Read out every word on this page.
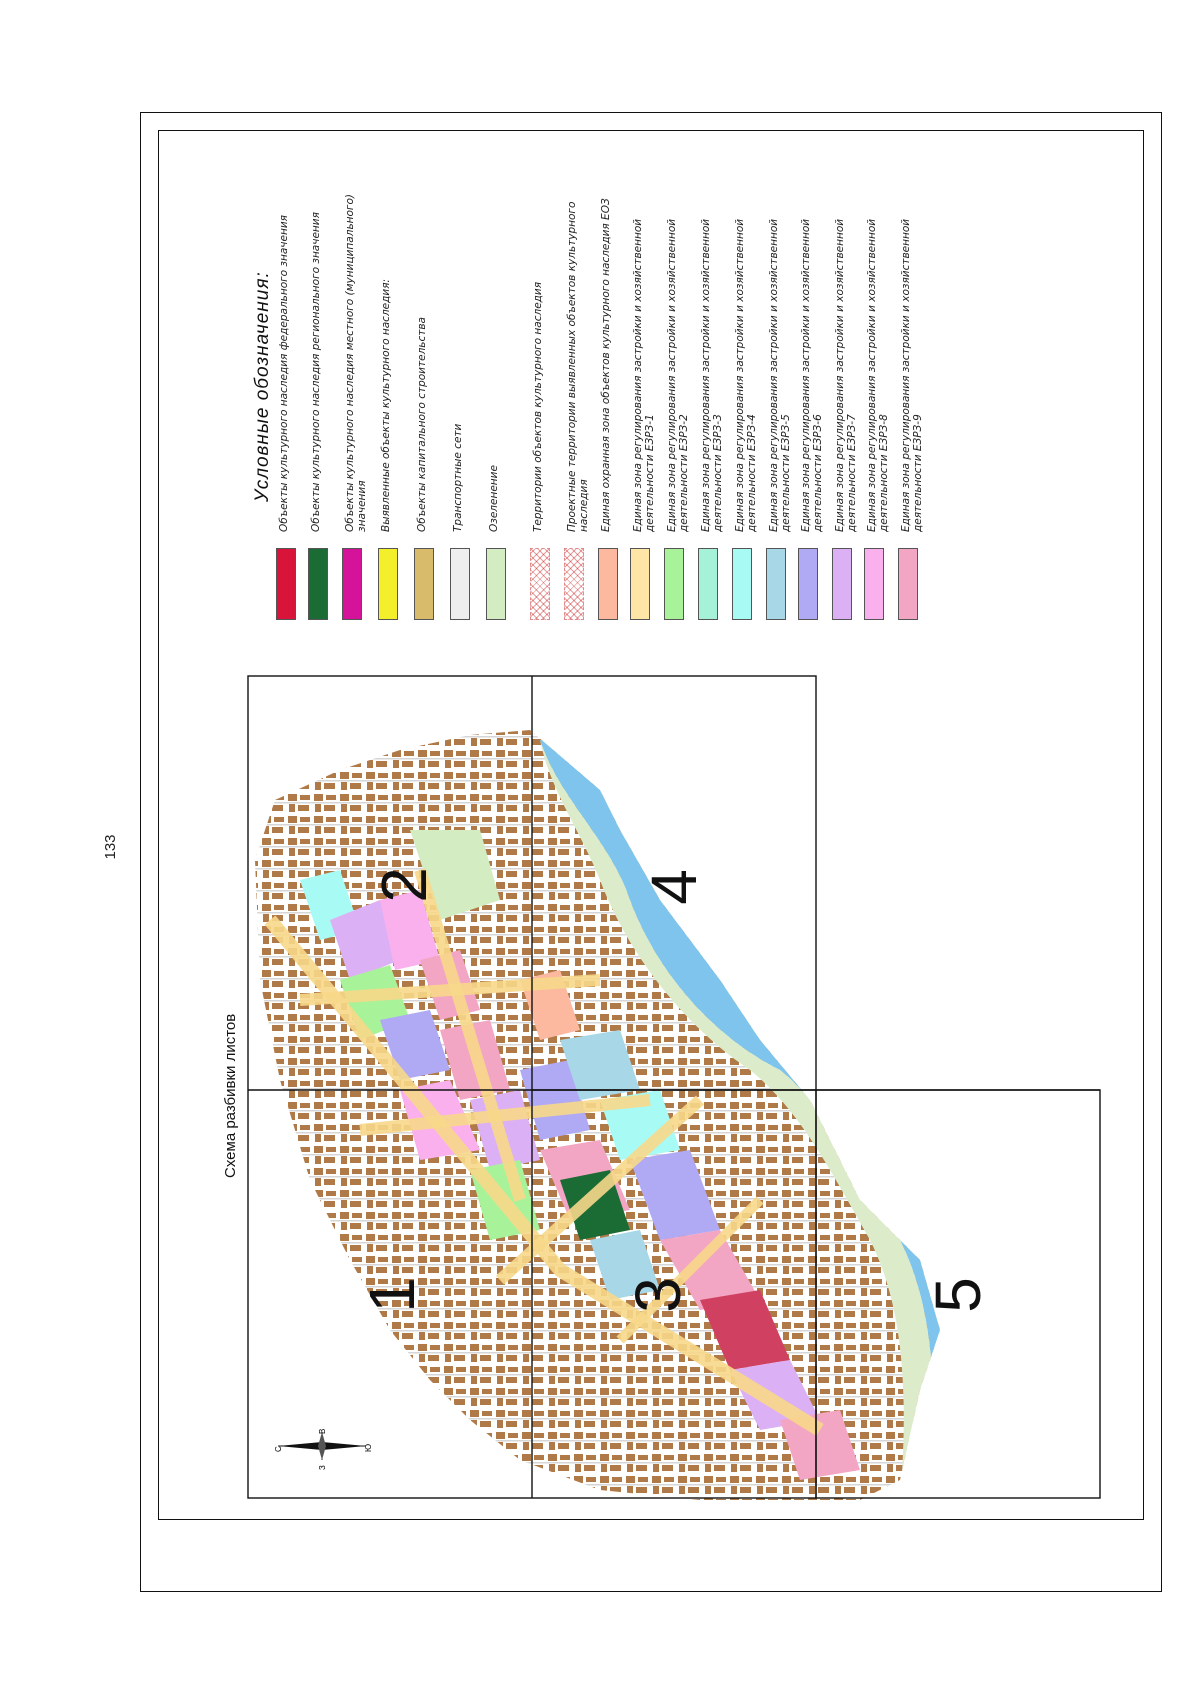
133
С
В
Ю
З
Схема разбивки листов
1
2
3
4
5
Условные обозначения: Объекты культурного наследия федерального значения Объекты культурного наследия регионального значения Объекты культурного наследия местного (муниципального) значения Выявленные объекты культурного наследия: Объекты капитального строительства Транспортные сети Озеленение	Территории объектов культурного наследия Проектные территории выявленных объектов культурного наследия Единая охранная зона объектов культурного наследия ЕОЗ Единая зона регулирования застройки и хозяйственной деятельности ЕЗРЗ-1 Единая зона регулирования застройки и хозяйственной деятельности ЕЗРЗ-2 Единая зона регулирования застройки и хозяйственной деятельности ЕЗРЗ-3 Единая зона регулирования застройки и хозяйственной деятельности ЕЗРЗ-4 Единая зона регулирования застройки и хозяйственной деятельности ЕЗРЗ-5 Единая зона регулирования застройки и хозяйственной деятельности ЕЗРЗ-6 Единая зона регулирования застройки и хозяйственной деятельности ЕЗРЗ-7 Единая зона регулирования застройки и хозяйственной деятельности ЕЗРЗ-8 Единая зона регулирования застройки и хозяйственной деятельности ЕЗРЗ-9
